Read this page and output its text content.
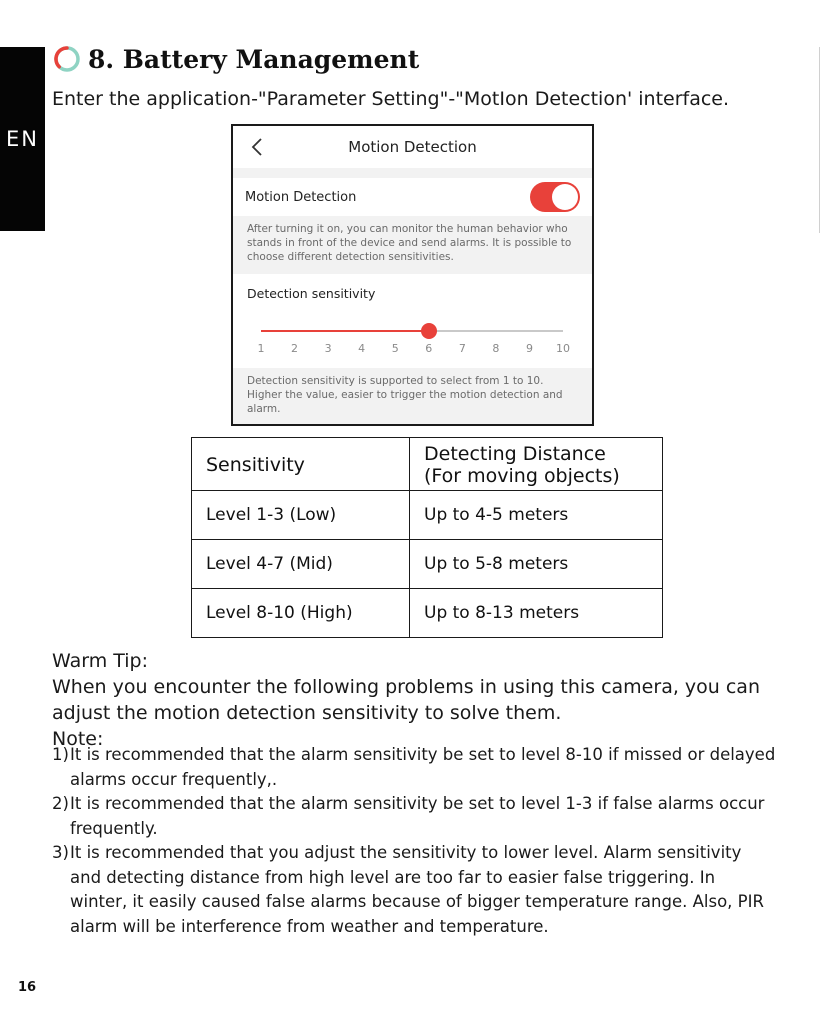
EN
8. Battery Management
Enter the application-"Parameter Setting"-"MotIon Detection' interface.
Motion Detection
Motion Detection
After turning it on, you can monitor the human behavior who stands in front of the device and send alarms. It is possible to choose different detection sensitivities.
Detection sensitivity
1 2 3 4 5 6 7 8 9 10
Detection sensitivity is supported to select from 1 to 10. Higher the value, easier to trigger the motion detection and alarm.
Sensitivity	Detecting Distance (For moving objects)
Level 1-3 (Low)	Up to 4-5 meters
Level 4-7 (Mid)	Up to 5-8 meters
Level 8-10 (High)	Up to 8-13 meters
Warm Tip:
When you encounter the following problems in using this camera, you can adjust the motion detection sensitivity to solve them.
Note:
1) It is recommended that the alarm sensitivity be set to level 8-10 if missed or delayed alarms occur frequently,.
2) It is recommended that the alarm sensitivity be set to level 1-3 if false alarms occur frequently.
3) It is recommended that you adjust the sensitivity to lower level. Alarm sensitivity and detecting distance from high level are too far to easier false triggering. In winter, it easily caused false alarms because of bigger temperature range. Also, PIR alarm will be interference from weather and temperature.
16
